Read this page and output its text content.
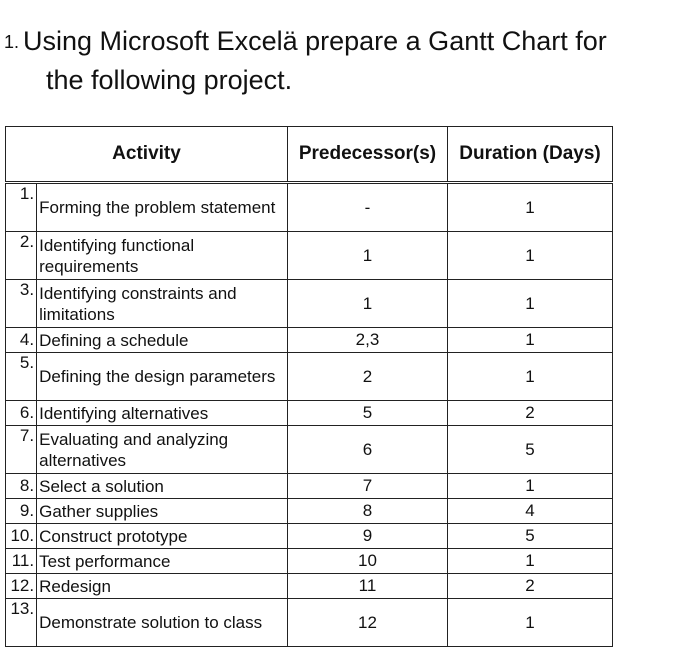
1. Using Microsoft Excelä prepare a Gantt Chart for
the following project.
Activity		Predecessor(s)	Duration (Days)
1.	Forming the problem statement	-	1
2.	Identifying functional requirements	1	1
3.	Identifying constraints and limitations	1	1
4.	Defining a schedule	2,3	1
5.	Defining the design parameters	2	1
6.	Identifying alternatives	5	2
7.	Evaluating and analyzing alternatives	6	5
8.	Select a solution	7	1
9.	Gather supplies	8	4
10.	Construct prototype	9	5
11.	Test performance	10	1
12.	Redesign	11	2
13.	Demonstrate solution to class	12	1
